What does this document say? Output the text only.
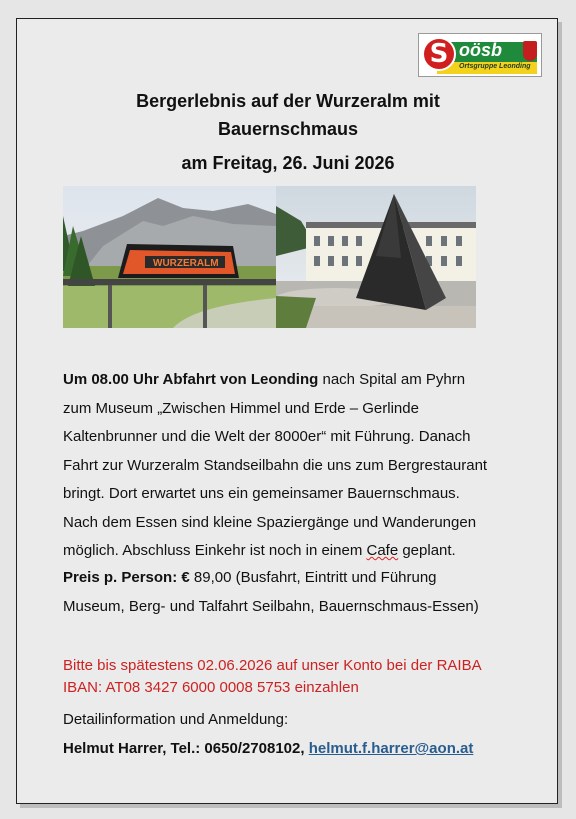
S oösb
Ortsgruppe Leonding
Bergerlebnis auf der Wurzeralm mit
Bauernschmaus
am Freitag, 26. Juni 2026
WURZERALM
Um 08.00 Uhr Abfahrt von Leonding nach Spital am Pyhrn
zum Museum „Zwischen Himmel und Erde – Gerlinde
Kaltenbrunner und die Welt der 8000er“ mit Führung. Danach
Fahrt zur Wurzeralm Standseilbahn die uns zum Bergrestaurant
bringt. Dort erwartet uns ein gemeinsamer Bauernschmaus.
Nach dem Essen sind kleine Spaziergänge und Wanderungen
möglich. Abschluss Einkehr ist noch in einem Cafe geplant.
Preis p. Person: € 89,00 (Busfahrt, Eintritt und Führung
Museum, Berg- und Talfahrt Seilbahn, Bauernschmaus-Essen)
Bitte bis spätestens 02.06.2026 auf unser Konto bei der RAIBA
IBAN: AT08 3427 6000 0008 5753 einzahlen
Detailinformation und Anmeldung:
Helmut Harrer, Tel.: 0650/2708102, helmut.f.harrer@aon.at
